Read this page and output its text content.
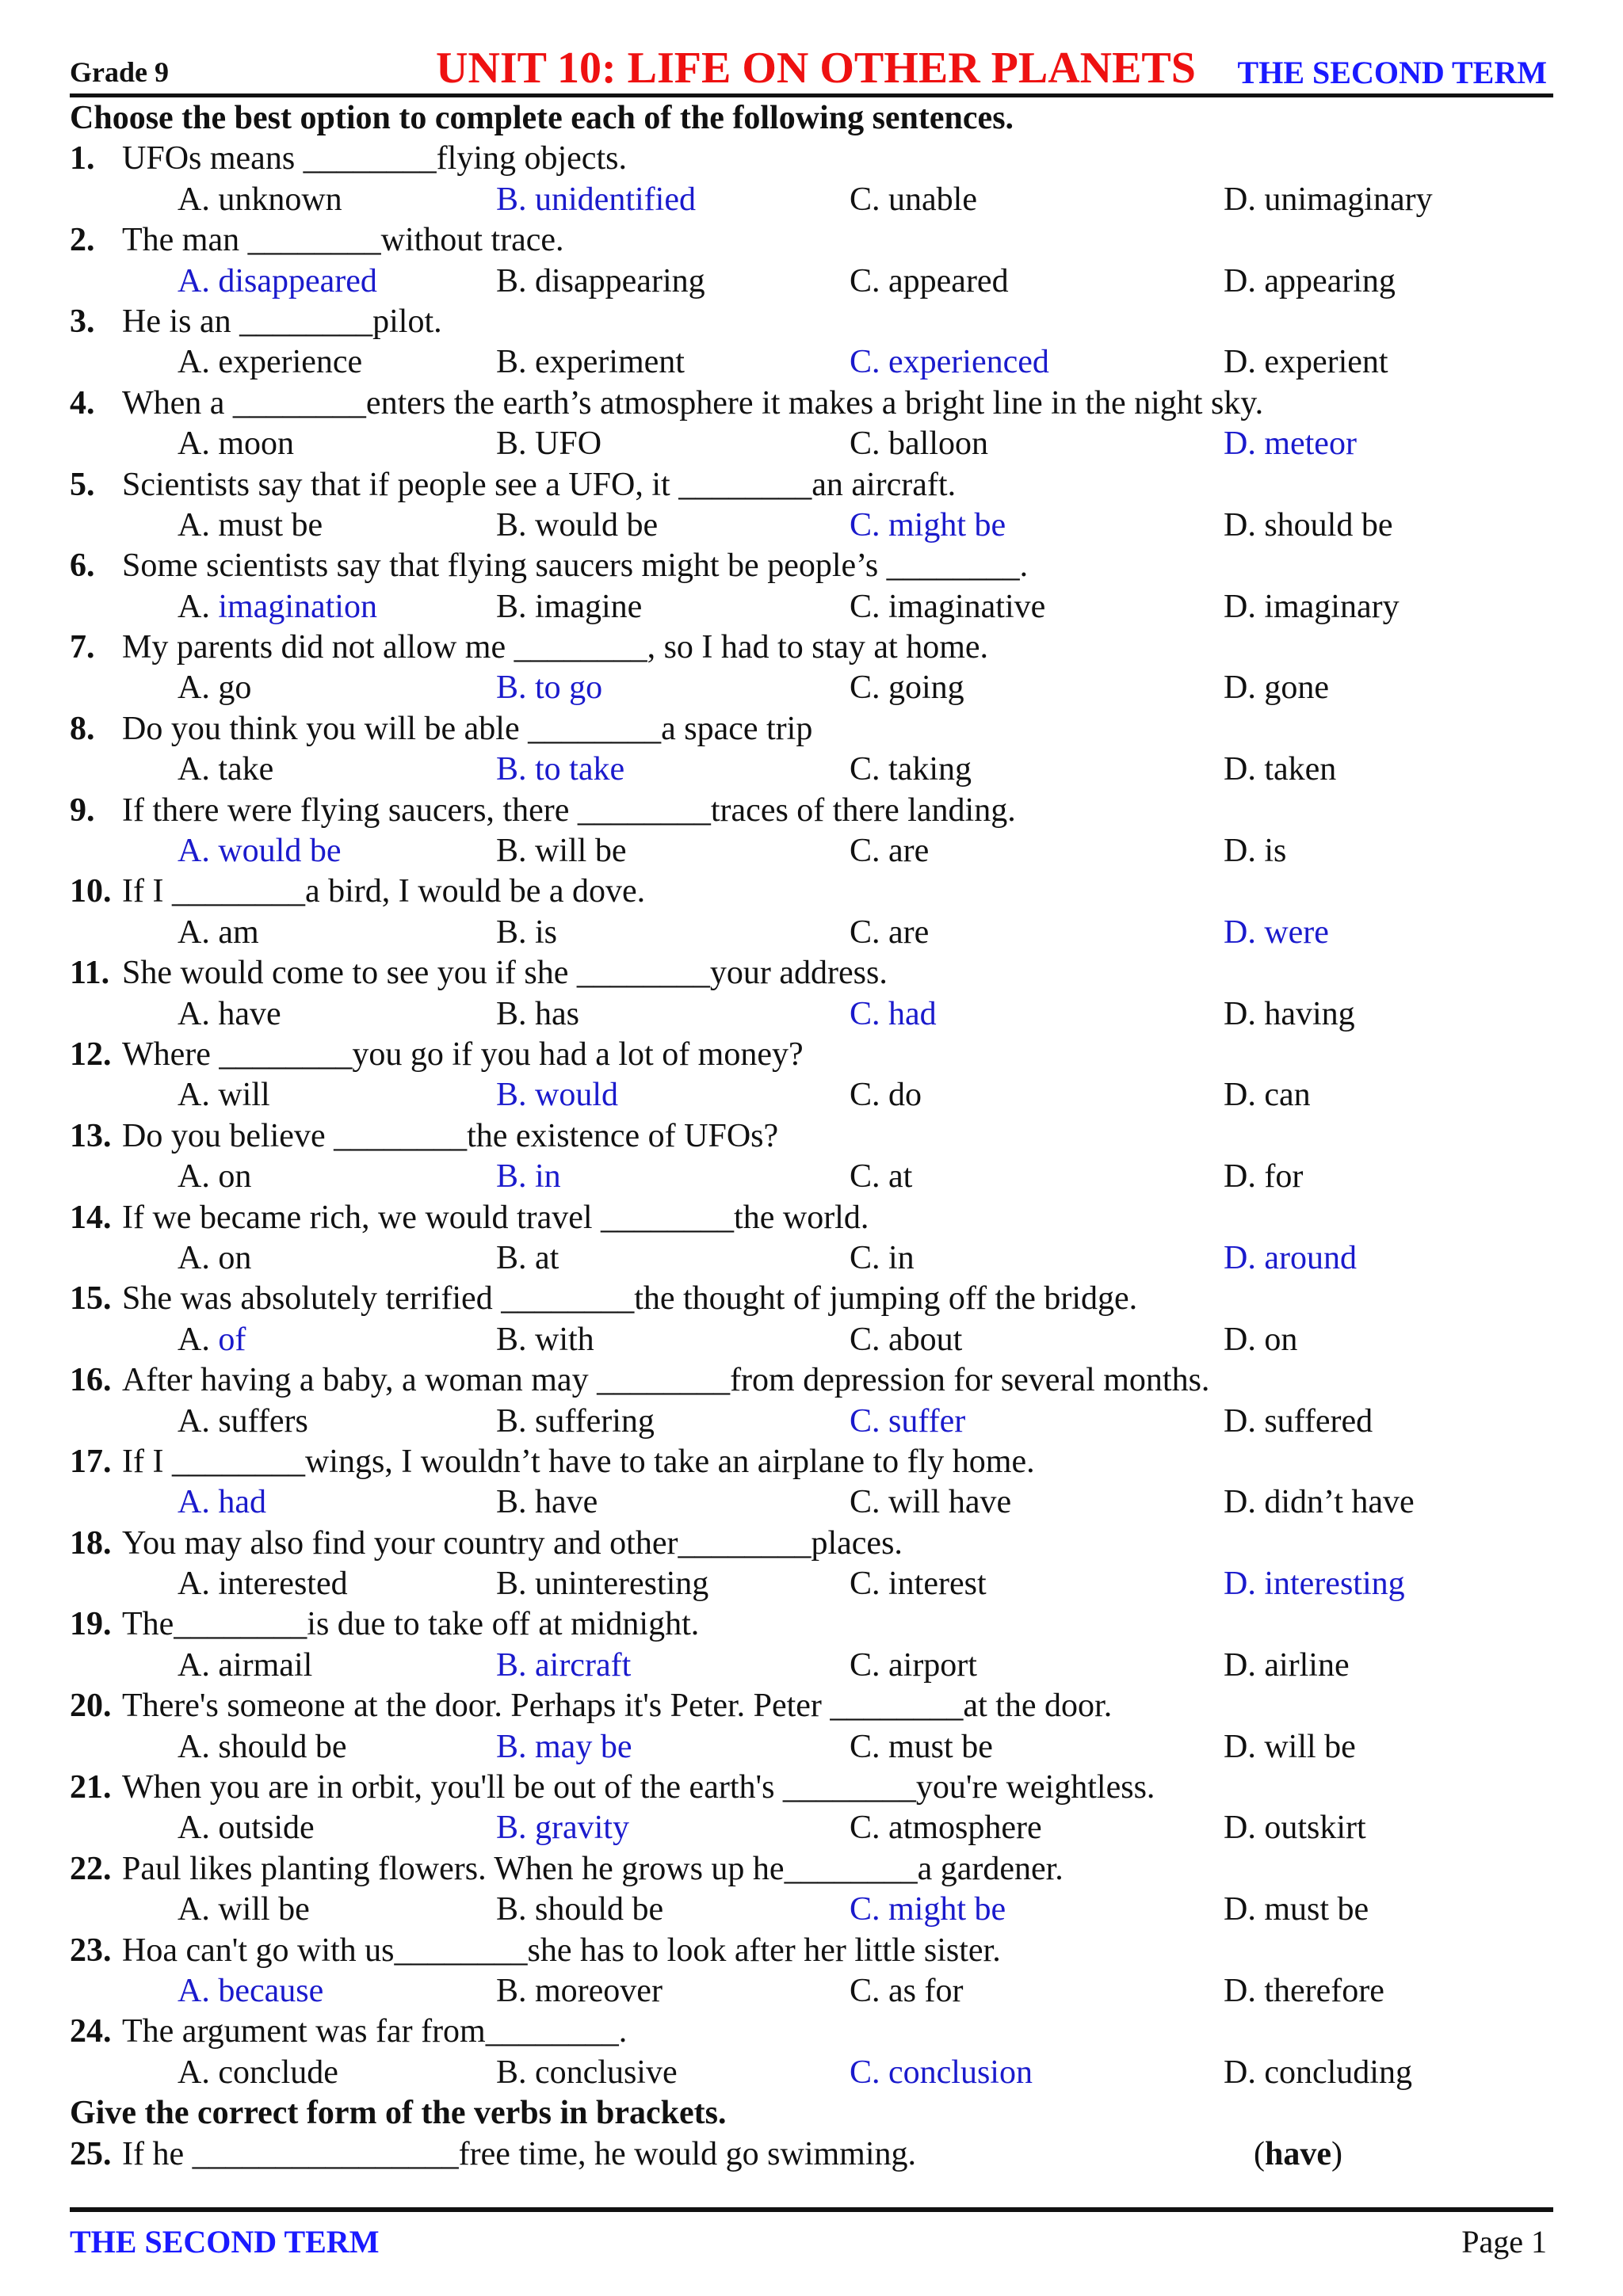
Grade 9	UNIT 10: LIFE ON OTHER PLANETS THE SECOND TERM
Choose the best option to complete each of the following sentences.
1. UFOs means ________flying objects.
A. unknown	B. unidentified	C. unable	D. unimaginary
2. The man ________without trace.
A. disappeared	B. disappearing	C. appeared	D. appearing
3. He is an ________pilot.
A. experience	B. experiment	C. experienced	D. experient
4. When a ________enters the earth’s atmosphere it makes a bright line in the night sky.
A. moon	B. UFO	C. balloon	D. meteor
5. Scientists say that if people see a UFO, it ________an aircraft.
A. must be	B. would be	C. might be	D. should be
6. Some scientists say that flying saucers might be people’s ________.
A. imagination	B. imagine	C. imaginative	D. imaginary
7. My parents did not allow me ________, so I had to stay at home.
A. go	B. to go	C. going	D. gone
8. Do you think you will be able ________a space trip
A. take	B. to take	C. taking	D. taken
9. If there were flying saucers, there ________traces of there landing.
A. would be	B. will be	C. are	D. is
10. If I ________a bird, I would be a dove.
A. am	B. is	C. are	D. were
11. She would come to see you if she ________your address.
A. have	B. has	C. had	D. having
12. Where ________you go if you had a lot of money?
A. will	B. would	C. do	D. can
13. Do you believe ________the existence of UFOs?
A. on	B. in	C. at	D. for
14. If we became rich, we would travel ________the world.
A. on	B. at	C. in	D. around
15. She was absolutely terrified ________the thought of jumping off the bridge.
A. of	B. with	C. about	D. on
16. After having a baby, a woman may ________from depression for several months.
A. suffers	B. suffering	C. suffer	D. suffered
17. If I ________wings, I wouldn’t have to take an airplane to fly home.
A. had	B. have	C. will have	D. didn’t have
18. You may also find your country and other________places.
A. interested	B. uninteresting	C. interest	D. interesting
19. The________is due to take off at midnight.
A. airmail	B. aircraft	C. airport	D. airline
20. There's someone at the door. Perhaps it's Peter. Peter ________at the door.
A. should be	B. may be	C. must be	D. will be
21. When you are in orbit, you'll be out of the earth's ________you're weightless.
A. outside	B. gravity	C. atmosphere	D. outskirt
22. Paul likes planting flowers. When he grows up he________a gardener.
A. will be	B. should be	C. might be	D. must be
23. Hoa can't go with us________she has to look after her little sister.
A. because	B. moreover	C. as for	D. therefore
24. The argument was far from________.
A. conclude	B. conclusive	C. conclusion	D. concluding
Give the correct form of the verbs in brackets.
25. If he ________________free time, he would go swimming.	(have)
THE SECOND TERM	Page 1
